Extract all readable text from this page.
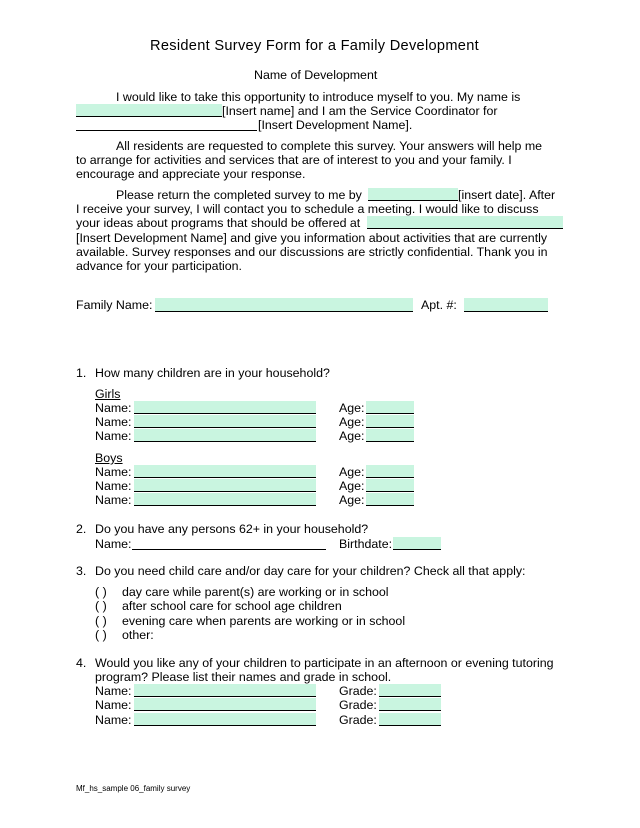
Resident Survey Form for a Family Development
Name of Development
I would like to take this opportunity to introduce myself to you. My name is
[Insert name] and I am the Service Coordinator for
[Insert Development Name].
All residents are requested to complete this survey. Your answers will help me
to arrange for activities and services that are of interest to you and your family. I
encourage and appreciate your response.
Please return the completed survey to me by	[insert date]. After
I receive your survey, I will contact you to schedule a meeting. I would like to discuss
your ideas about programs that should be offered at
[Insert Development Name] and give you information about activities that are currently
available. Survey responses and our discussions are strictly confidential. Thank you in
advance for your participation.
Family Name:	Apt. #:
1. How many children are in your household?
Girls
Name:	Age:
Name:	Age:
Name:	Age:
Boys
Name:	Age:
Name:	Age:
Name:	Age:
2. Do you have any persons 62+ in your household?
Name:	Birthdate:
3. Do you need child care and/or day care for your children? Check all that apply:
( ) day care while parent(s) are working or in school
( ) after school care for school age children
( ) evening care when parents are working or in school
( ) other:
4. Would you like any of your children to participate in an afternoon or evening tutoring
program? Please list their names and grade in school.
Name:	Grade:
Name:	Grade:
Name:	Grade:
Mf_hs_sample 06_family survey
